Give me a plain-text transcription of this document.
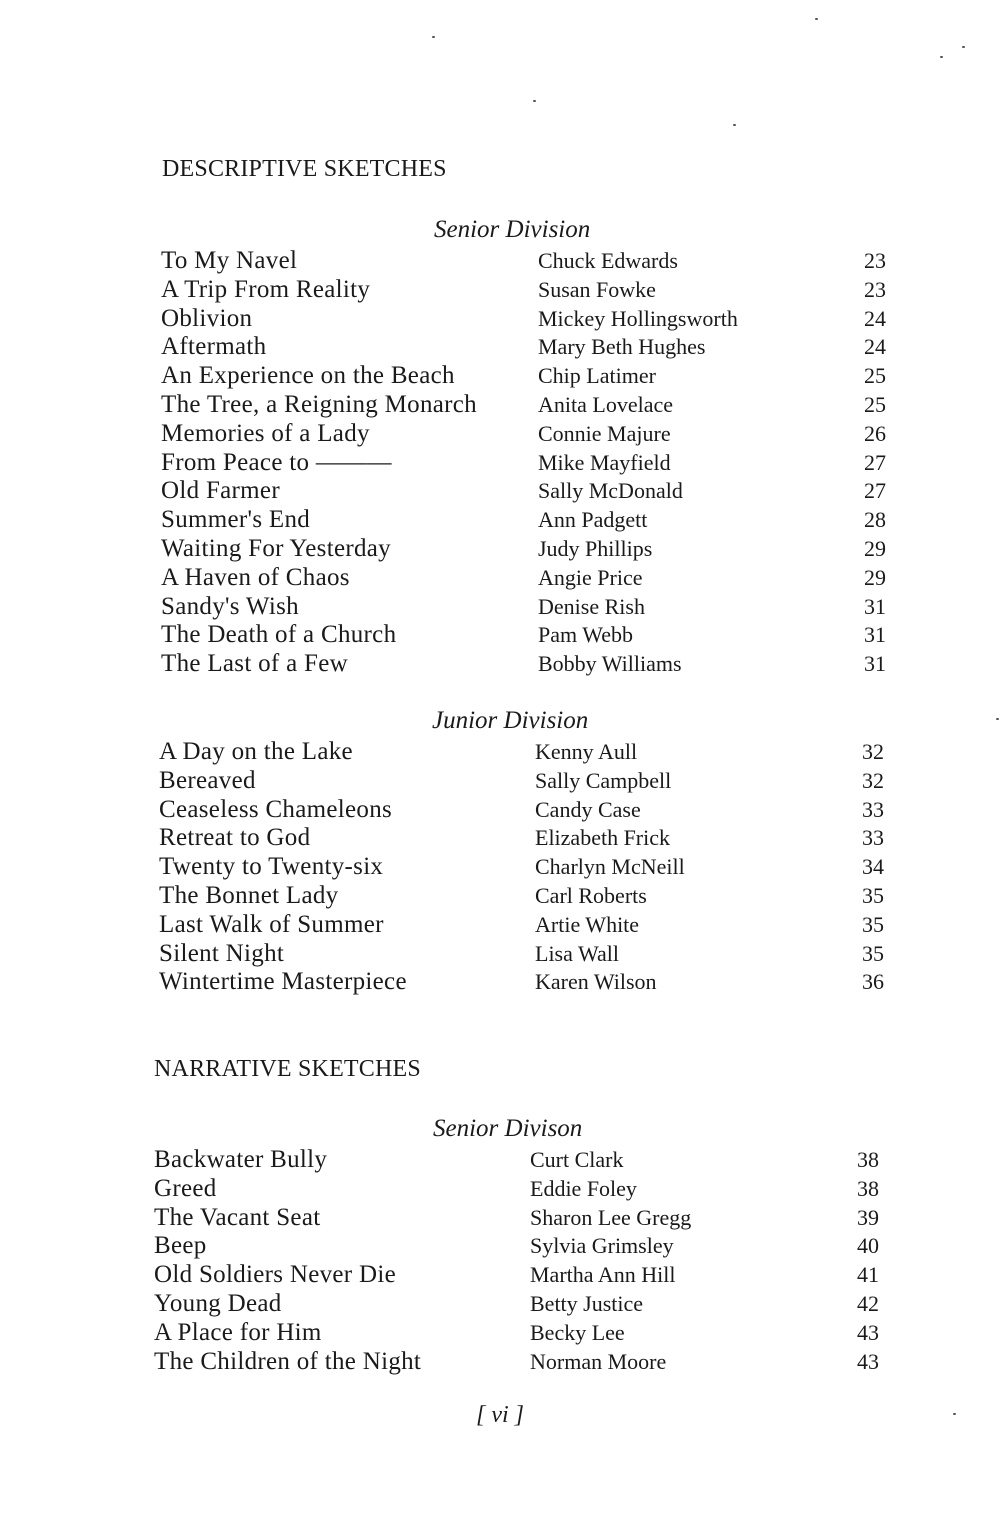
DESCRIPTIVE SKETCHES
Senior Division
To My Navel	Chuck Edwards	23
A Trip From Reality	Susan Fowke	23
Oblivion	Mickey Hollingsworth	24
Aftermath	Mary Beth Hughes	24
An Experience on the Beach	Chip Latimer	25
The Tree, a Reigning Monarch	Anita Lovelace	25
Memories of a Lady	Connie Majure	26
From Peace to ———	Mike Mayfield	27
Old Farmer	Sally McDonald	27
Summer's End	Ann Padgett	28
Waiting For Yesterday	Judy Phillips	29
A Haven of Chaos	Angie Price	29
Sandy's Wish	Denise Rish	31
The Death of a Church	Pam Webb	31
The Last of a Few	Bobby Williams	31
Junior Division
A Day on the Lake	Kenny Aull	32
Bereaved	Sally Campbell	32
Ceaseless Chameleons	Candy Case	33
Retreat to God	Elizabeth Frick	33
Twenty to Twenty-six	Charlyn McNeill	34
The Bonnet Lady	Carl Roberts	35
Last Walk of Summer	Artie White	35
Silent Night	Lisa Wall	35
Wintertime Masterpiece	Karen Wilson	36
NARRATIVE SKETCHES
Senior Divison
Backwater Bully	Curt Clark	38
Greed	Eddie Foley	38
The Vacant Seat	Sharon Lee Gregg	39
Beep	Sylvia Grimsley	40
Old Soldiers Never Die	Martha Ann Hill	41
Young Dead	Betty Justice	42
A Place for Him	Becky Lee	43
The Children of the Night	Norman Moore	43
[ vi ]
